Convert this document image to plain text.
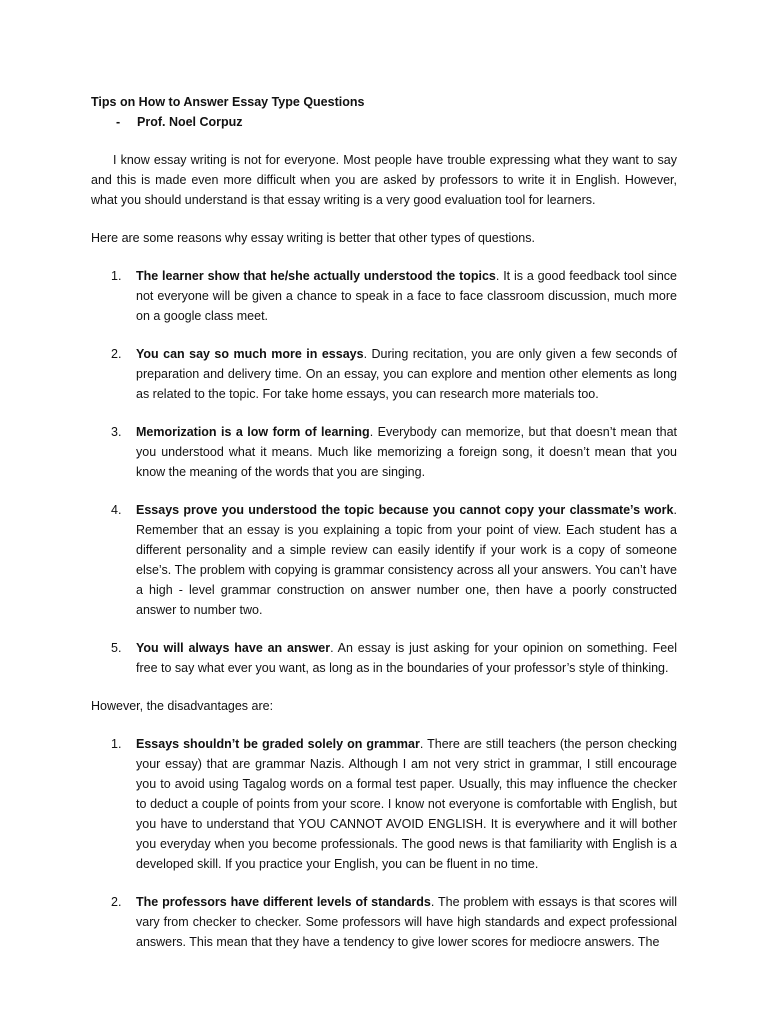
Tips on How to Answer Essay Type Questions

- Prof. Noel Corpuz

I know essay writing is not for everyone. Most people have trouble expressing what they want to say and this is made even more difficult when you are asked by professors to write it in English. However, what you should understand is that essay writing is a very good evaluation tool for learners.

Here are some reasons why essay writing is better that other types of questions.

1. The learner show that he/she actually understood the topics. It is a good feedback tool since not everyone will be given a chance to speak in a face to face classroom discussion, much more on a google class meet.
2. You can say so much more in essays. During recitation, you are only given a few seconds of preparation and delivery time. On an essay, you can explore and mention other elements as long as related to the topic. For take home essays, you can research more materials too.
3. Memorization is a low form of learning. Everybody can memorize, but that doesn’t mean that you understood what it means. Much like memorizing a foreign song, it doesn’t mean that you know the meaning of the words that you are singing.
4. Essays prove you understood the topic because you cannot copy your classmate’s work. Remember that an essay is you explaining a topic from your point of view. Each student has a different personality and a simple review can easily identify if your work is a copy of someone else’s. The problem with copying is grammar consistency across all your answers. You can’t have a high - level grammar construction on answer number one, then have a poorly constructed answer to number two.
5. You will always have an answer. An essay is just asking for your opinion on something. Feel free to say what ever you want, as long as in the boundaries of your professor’s style of thinking.

However, the disadvantages are:

1. Essays shouldn’t be graded solely on grammar. There are still teachers (the person checking your essay) that are grammar Nazis. Although I am not very strict in grammar, I still encourage you to avoid using Tagalog words on a formal test paper. Usually, this may influence the checker to deduct a couple of points from your score. I know not everyone is comfortable with English, but you have to understand that YOU CANNOT AVOID ENGLISH. It is everywhere and it will bother you everyday when you become professionals. The good news is that familiarity with English is a developed skill. If you practice your English, you can be fluent in no time.
2. The professors have different levels of standards. The problem with essays is that scores will vary from checker to checker. Some professors will have high standards and expect professional answers. This mean that they have a tendency to give lower scores for mediocre answers. The
